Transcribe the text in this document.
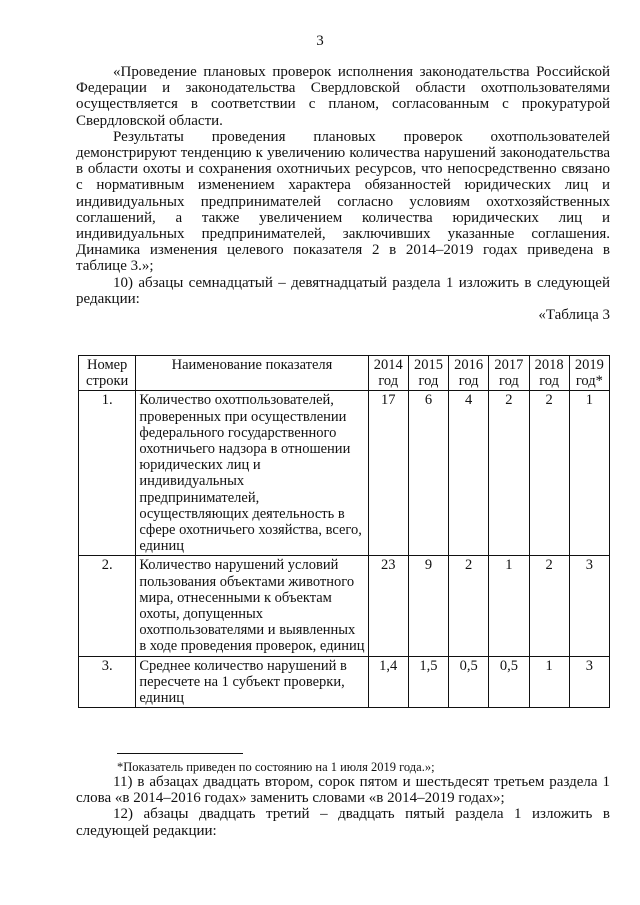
3

«Проведение плановых проверок исполнения законодательства Российской Федерации и законодательства Свердловской области охотпользователями осуществляется в соответствии с планом, согласованным с прокуратурой Свердловской области.

Результаты проведения плановых проверок охотпользователей демонстрируют тенденцию к увеличению количества нарушений законодательства в области охоты и сохранения охотничьих ресурсов, что непосредственно связано с нормативным изменением характера обязанностей юридических лиц и индивидуальных предпринимателей согласно условиям охотхозяйственных соглашений, а также увеличением количества юридических лиц и индивидуальных предпринимателей, заключивших указанные соглашения. Динамика изменения целевого показателя 2 в 2014–2019 годах приведена в таблице 3.»;

10) абзацы семнадцатый – девятнадцатый раздела 1 изложить в следующей редакции:

«Таблица 3

Номер строки	Наименование показателя	2014 год	2015 год	2016 год	2017 год	2018 год	2019 год*
1.	Количество охотпользователей, проверенных при осуществлении федерального государственного охотничьего надзора в отношении юридических лиц и индивидуальных предпринимателей, осуществляющих деятельность в сфере охотничьего хозяйства, всего, единиц	17	6	4	2	2	1
2.	Количество нарушений условий пользования объектами животного мира, отнесенными к объектам охоты, допущенных охотпользователями и выявленных в ходе проведения проверок, единиц	23	9	2	1	2	3
3.	Среднее количество нарушений в пересчете на 1 субъект проверки, единиц	1,4	1,5	0,5	0,5	1	3
*Показатель приведен по состоянию на 1 июля 2019 года.»;

11) в абзацах двадцать втором, сорок пятом и шестьдесят третьем раздела 1 слова «в 2014–2016 годах» заменить словами «в 2014–2019 годах»;

12) абзацы двадцать третий – двадцать пятый раздела 1 изложить в следующей редакции:
